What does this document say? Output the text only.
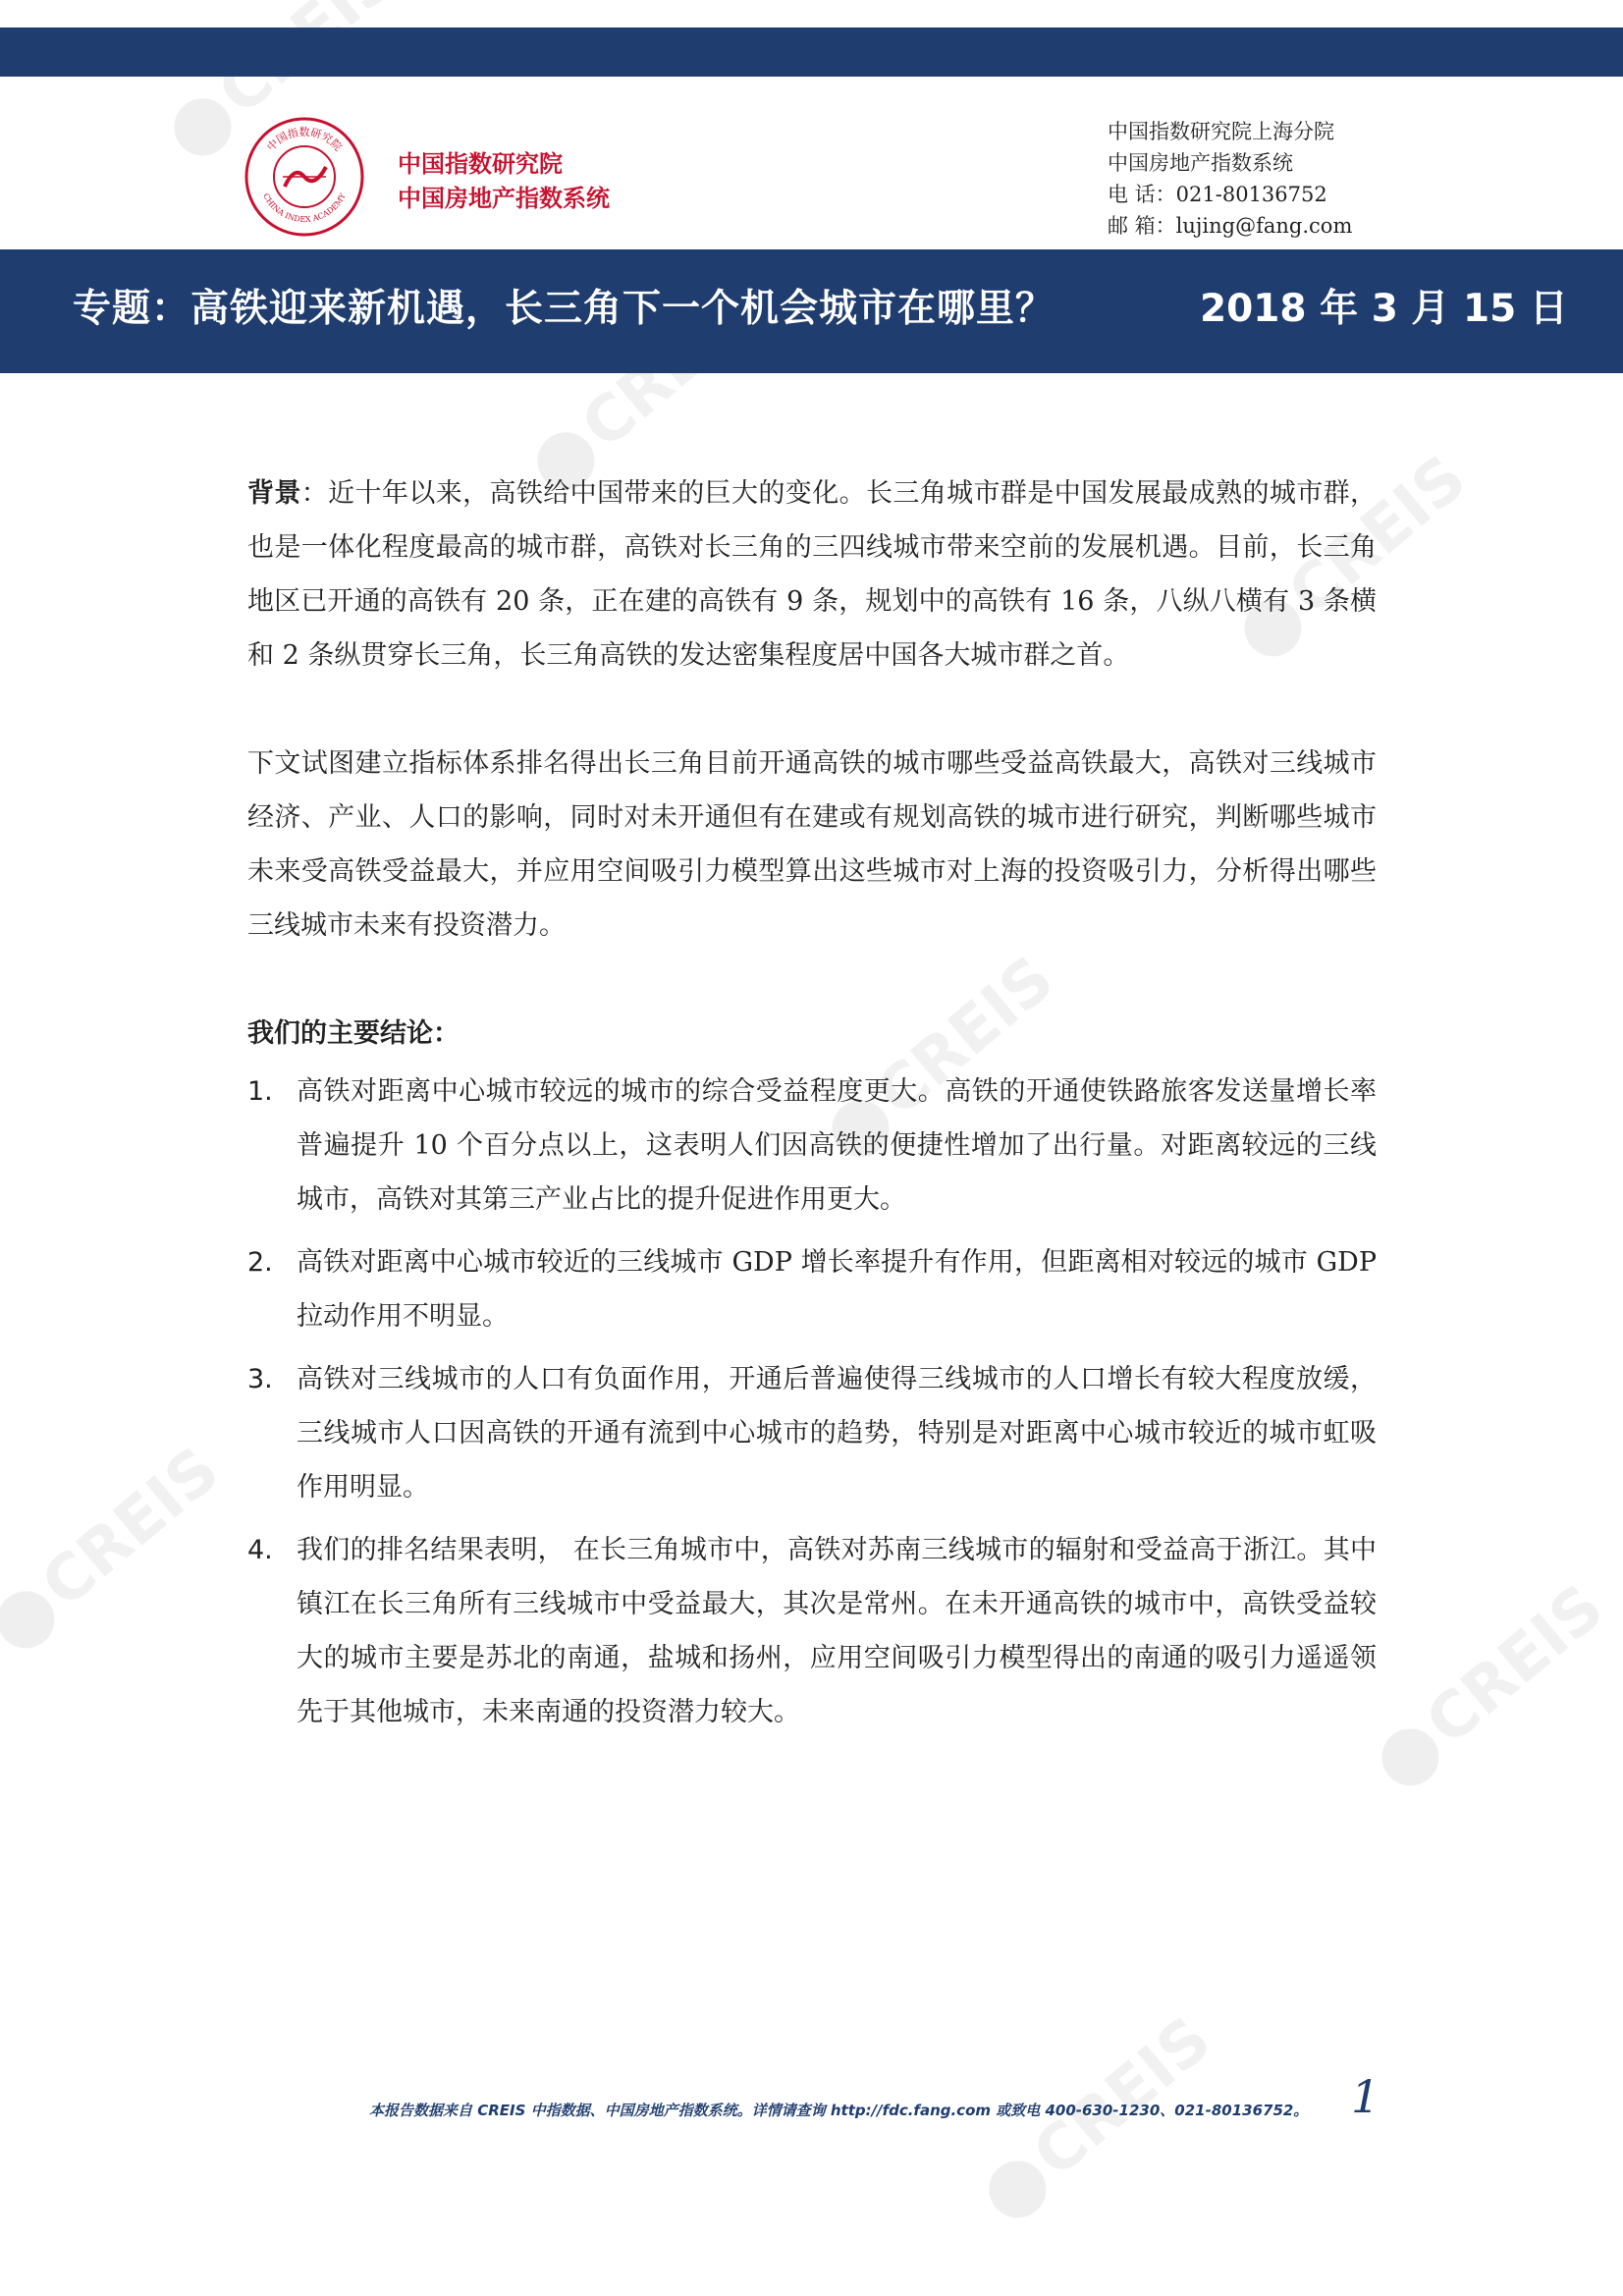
CREIS
CREIS
CREIS
CREIS
CREIS
中国指数研究院
CHINA INDEX ACADEMY
中国指数研究院
中国房地产指数系统
中国指数研究院上海分院
中国房地产指数系统
电 话：021-80136752
邮 箱：lujing@fang.com
专题：高铁迎来新机遇，长三角下一个机会城市在哪里？	2018 年 3 月 15 日

背景：近十年以来，高铁给中国带来的巨大的变化。长三角城市群是中国发展最成熟的城市群，也是一体化程度最高的城市群，高铁对长三角的三四线城市带来空前的发展机遇。目前，长三角地区已开通的高铁有 20 条，正在建的高铁有 9 条，规划中的高铁有 16 条，八纵八横有 3 条横和 2 条纵贯穿长三角，长三角高铁的发达密集程度居中国各大城市群之首。

下文试图建立指标体系排名得出长三角目前开通高铁的城市哪些受益高铁最大，高铁对三线城市经济、产业、人口的影响，同时对未开通但有在建或有规划高铁的城市进行研究，判断哪些城市未来受高铁受益最大，并应用空间吸引力模型算出这些城市对上海的投资吸引力，分析得出哪些三线城市未来有投资潜力。

我们的主要结论：

1. 高铁对距离中心城市较远的城市的综合受益程度更大。高铁的开通使铁路旅客发送量增长率普遍提升 10 个百分点以上，这表明人们因高铁的便捷性增加了出行量。对距离较远的三线城市，高铁对其第三产业占比的提升促进作用更大。
2. 高铁对距离中心城市较近的三线城市 GDP 增长率提升有作用，但距离相对较远的城市 GDP 拉动作用不明显。
3. 高铁对三线城市的人口有负面作用，开通后普遍使得三线城市的人口增长有较大程度放缓，三线城市人口因高铁的开通有流到中心城市的趋势，特别是对距离中心城市较近的城市虹吸作用明显。
4. 我们的排名结果表明， 在长三角城市中，高铁对苏南三线城市的辐射和受益高于浙江。其中镇江在长三角所有三线城市中受益最大，其次是常州。在未开通高铁的城市中，高铁受益较大的城市主要是苏北的南通，盐城和扬州，应用空间吸引力模型得出的南通的吸引力遥遥领先于其他城市，未来南通的投资潜力较大。
本报告数据来自 CREIS 中指数据、中国房地产指数系统。详情请查询 http://fdc.fang.com 或致电 400-630-1230、021-80136752。 1
